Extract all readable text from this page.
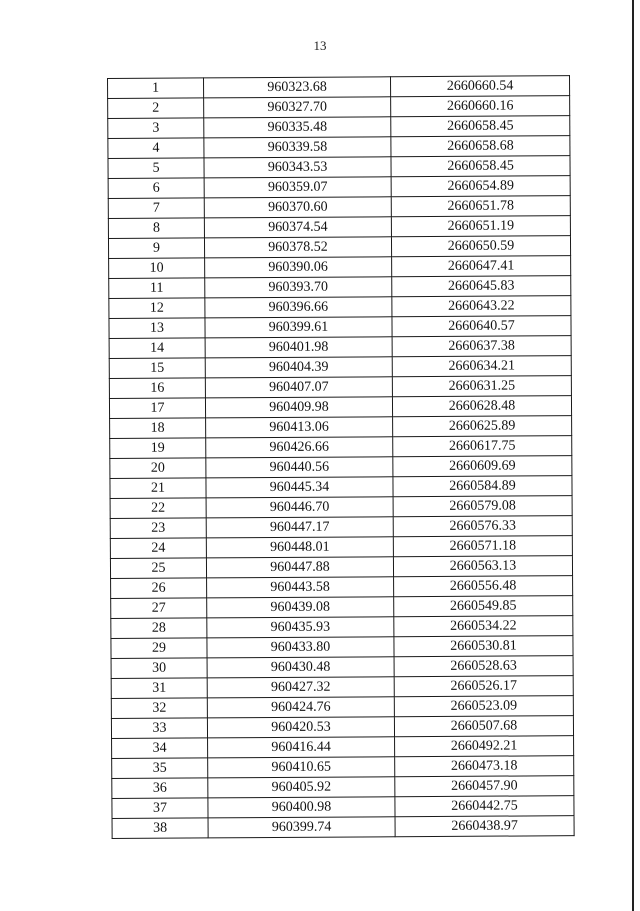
13
1	960323.68	2660660.54
2	960327.70	2660660.16
3	960335.48	2660658.45
4	960339.58	2660658.68
5	960343.53	2660658.45
6	960359.07	2660654.89
7	960370.60	2660651.78
8	960374.54	2660651.19
9	960378.52	2660650.59
10	960390.06	2660647.41
11	960393.70	2660645.83
12	960396.66	2660643.22
13	960399.61	2660640.57
14	960401.98	2660637.38
15	960404.39	2660634.21
16	960407.07	2660631.25
17	960409.98	2660628.48
18	960413.06	2660625.89
19	960426.66	2660617.75
20	960440.56	2660609.69
21	960445.34	2660584.89
22	960446.70	2660579.08
23	960447.17	2660576.33
24	960448.01	2660571.18
25	960447.88	2660563.13
26	960443.58	2660556.48
27	960439.08	2660549.85
28	960435.93	2660534.22
29	960433.80	2660530.81
30	960430.48	2660528.63
31	960427.32	2660526.17
32	960424.76	2660523.09
33	960420.53	2660507.68
34	960416.44	2660492.21
35	960410.65	2660473.18
36	960405.92	2660457.90
37	960400.98	2660442.75
38	960399.74	2660438.97
